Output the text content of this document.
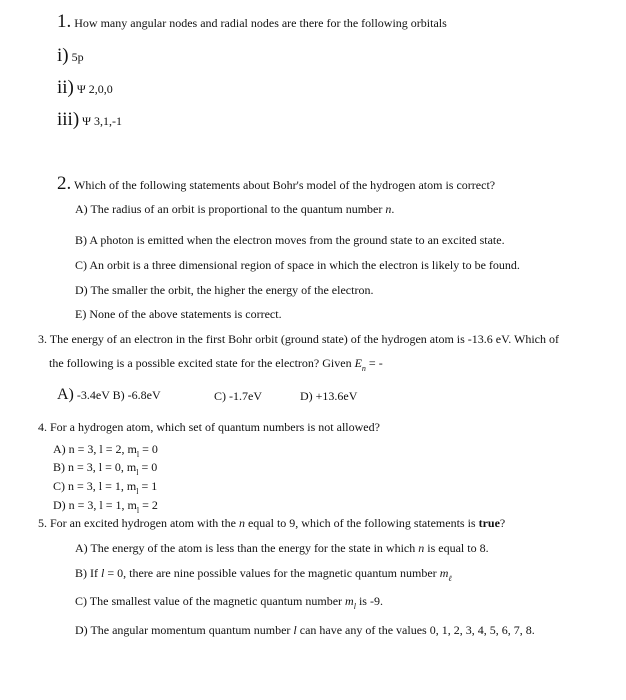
1. How many angular nodes and radial nodes are there for the following orbitals
i) 5p
ii) Ψ 2,0,0
iii) Ψ 3,1,-1
2. Which of the following statements about Bohr's model of the hydrogen atom is correct?
A) The radius of an orbit is proportional to the quantum number n.
B) A photon is emitted when the electron moves from the ground state to an excited state.
C) An orbit is a three dimensional region of space in which the electron is likely to be found.
D) The smaller the orbit, the higher the energy of the electron.
E) None of the above statements is correct.
3. The energy of an electron in the first Bohr orbit (ground state) of the hydrogen atom is -13.6 eV. Which of
the following is a possible excited state for the electron? Given $E_n$ = -
A) -3.4eV B) -6.8eV	C) -1.7eV	D) +13.6eV
4. For a hydrogen atom, which set of quantum numbers is not allowed?
A) n = 3, l = 2, $m_l = 0$
B) n = 3, l = 0, $m_l = 0$
C) n = 3, l = 1, $m_l = 1$
D) n = 3, l = 1, $m_l = 2$
5. For an excited hydrogen atom with the n equal to 9, which of the following statements is true?
A) The energy of the atom is less than the energy for the state in which n is equal to 8.
B) If l = 0, there are nine possible values for the magnetic quantum number $m_\ell$
C) The smallest value of the magnetic quantum number $m_l$ is -9.
D) The angular momentum quantum number l can have any of the values 0, 1, 2, 3, 4, 5, 6, 7, 8.
